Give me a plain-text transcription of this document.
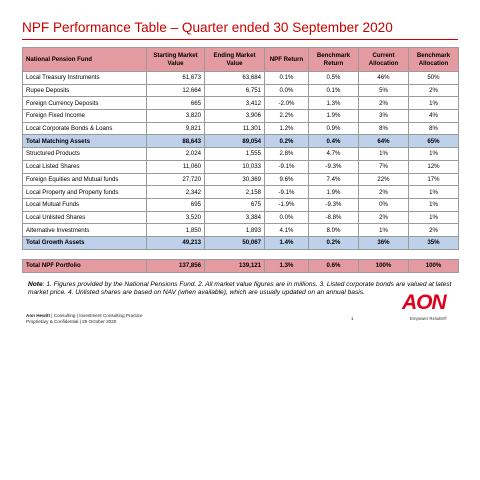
NPF Performance Table – Quarter ended 30 September 2020
National Pension Fund	Starting Market Value	Ending Market Value	NPF Return	Benchmark Return	Current Allocation	Benchmark Allocation
Local Treasury Instruments	61,673	63,684	0.1%	0.5%	46%	50%
Rupee Deposits	12,664	6,751	0.0%	0.1%	5%	2%
Foreign Currency Deposits	665	3,412	-2.0%	1.3%	2%	1%
Foreign Fixed Income	3,820	3,906	2.2%	1.9%	3%	4%
Local Corporate Bonds & Loans	9,821	11,301	1.2%	0.9%	8%	8%
Total Matching Assets	88,643	89,054	0.2%	0.4%	64%	65%
Structured Products	2,024	1,555	2.8%	4.7%	1%	1%
Local Listed Shares	11,060	10,033	-9.1%	-9.3%	7%	12%
Foreign Equities and Mutual funds	27,720	30,369	9.6%	7.4%	22%	17%
Local Property and Property funds	2,342	2,158	-9.1%	1.9%	2%	1%
Local Mutual Funds	695	675	-1.9%	-9.3%	0%	1%
Local Unlisted Shares	3,520	3,384	0.0%	-8.8%	2%	1%
Alternative Investments	1,850	1,893	4.1%	8.0%	1%	2%
Total Growth Assets	49,213	50,067	1.4%	0.2%	36%	35%

Total NPF Portfolio	137,856	139,121	1.3%	0.6%	100%	100%
Note: 1. Figures provided by the National Pensions Fund. 2. All market value figures are in millions. 3. Listed corporate bonds are valued at latest market price. 4. Unlisted shares are based on NAV (when available), which are usually updated on an annual basis.
Aon Hewitt | Consulting | Investment Consulting Practice
Proprietary & Confidential | 28 October 2020
1
AON
Empower Results®
